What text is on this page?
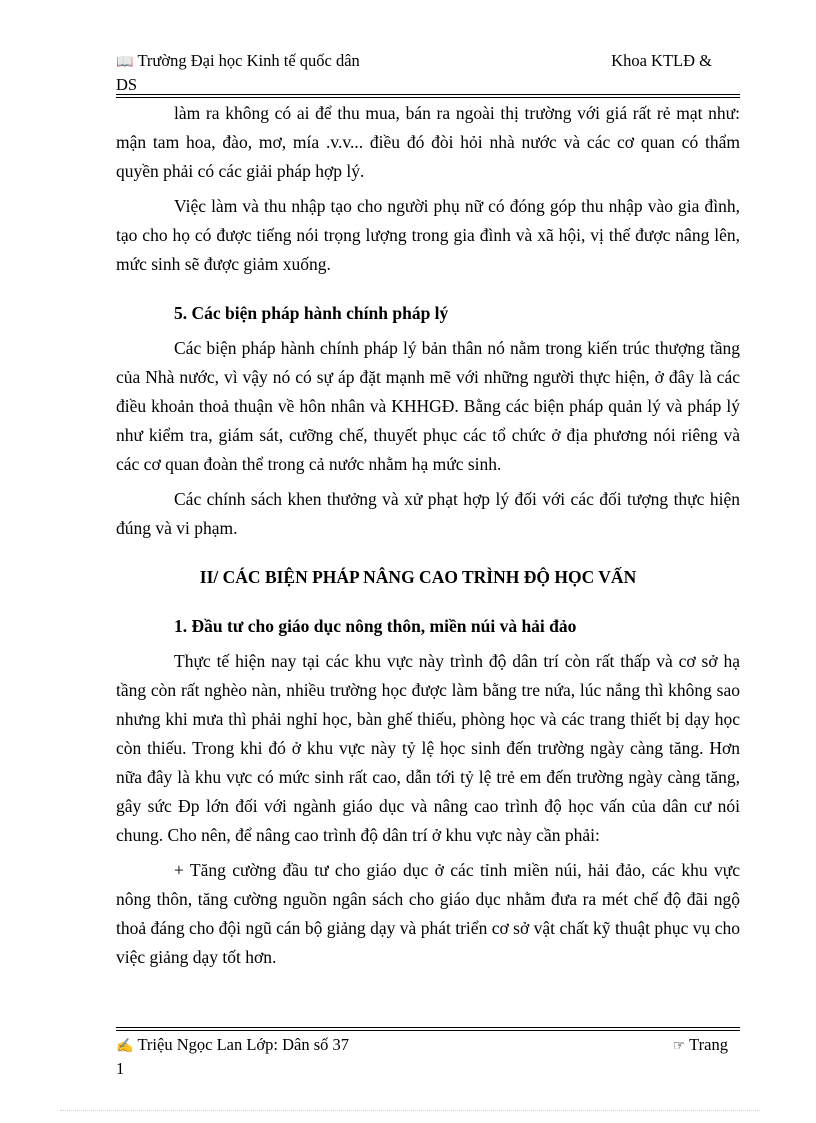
📖 Trường Đại học Kinh tế quốc dân	Khoa KTLĐ &
DS

làm ra không có ai để thu mua, bán ra ngoài thị trường với giá rất rẻ mạt như: mận tam hoa, đào, mơ, mía .v.v... điều đó đòi hỏi nhà nước và các cơ quan có thẩm quyền phải có các giải pháp hợp lý.

Việc làm và thu nhập tạo cho người phụ nữ có đóng góp thu nhập vào gia đình, tạo cho họ có được tiếng nói trọng lượng trong gia đình và xã hội, vị thế được nâng lên, mức sinh sẽ được giảm xuống.

5. Các biện pháp hành chính pháp lý

Các biện pháp hành chính pháp lý bản thân nó nằm trong kiến trúc thượng tầng của Nhà nước, vì vậy nó có sự áp đặt mạnh mẽ với những người thực hiện, ở đây là các điều khoản thoả thuận về hôn nhân và KHHGĐ. Bằng các biện pháp quản lý và pháp lý như kiểm tra, giám sát, cưỡng chế, thuyết phục các tổ chức ở địa phương nói riêng và các cơ quan đoàn thể trong cả nước nhằm hạ mức sinh.

Các chính sách khen thưởng và xử phạt hợp lý đối với các đối tượng thực hiện đúng và vi phạm.

II/ CÁC BIỆN PHÁP NÂNG CAO TRÌNH ĐỘ HỌC VẤN

1. Đầu tư cho giáo dục nông thôn, miền núi và hải đảo

Thực tế hiện nay tại các khu vực này trình độ dân trí còn rất thấp và cơ sở hạ tầng còn rất nghèo nàn, nhiều trường học được làm bằng tre nứa, lúc nắng thì không sao nhưng khi mưa thì phải nghỉ học, bàn ghế thiếu, phòng học và các trang thiết bị dạy học còn thiếu. Trong khi đó ở khu vực này tỷ lệ học sinh đến trường ngày càng tăng. Hơn nữa đây là khu vực có mức sinh rất cao, dẫn tới tỷ lệ trẻ em đến trường ngày càng tăng, gây sức Đp lớn đối với ngành giáo dục và nâng cao trình độ học vấn của dân cư nói chung. Cho nên, để nâng cao trình độ dân trí ở khu vực này cần phải:

+ Tăng cường đầu tư cho giáo dục ở các tỉnh miền núi, hải đảo, các khu vực nông thôn, tăng cường nguồn ngân sách cho giáo dục nhằm đưa ra mét chế độ đãi ngộ thoả đáng cho đội ngũ cán bộ giảng dạy và phát triển cơ sở vật chất kỹ thuật phục vụ cho việc giảng dạy tốt hơn.

✍ Triệu Ngọc Lan Lớp: Dân số 37	☞ Trang
1
